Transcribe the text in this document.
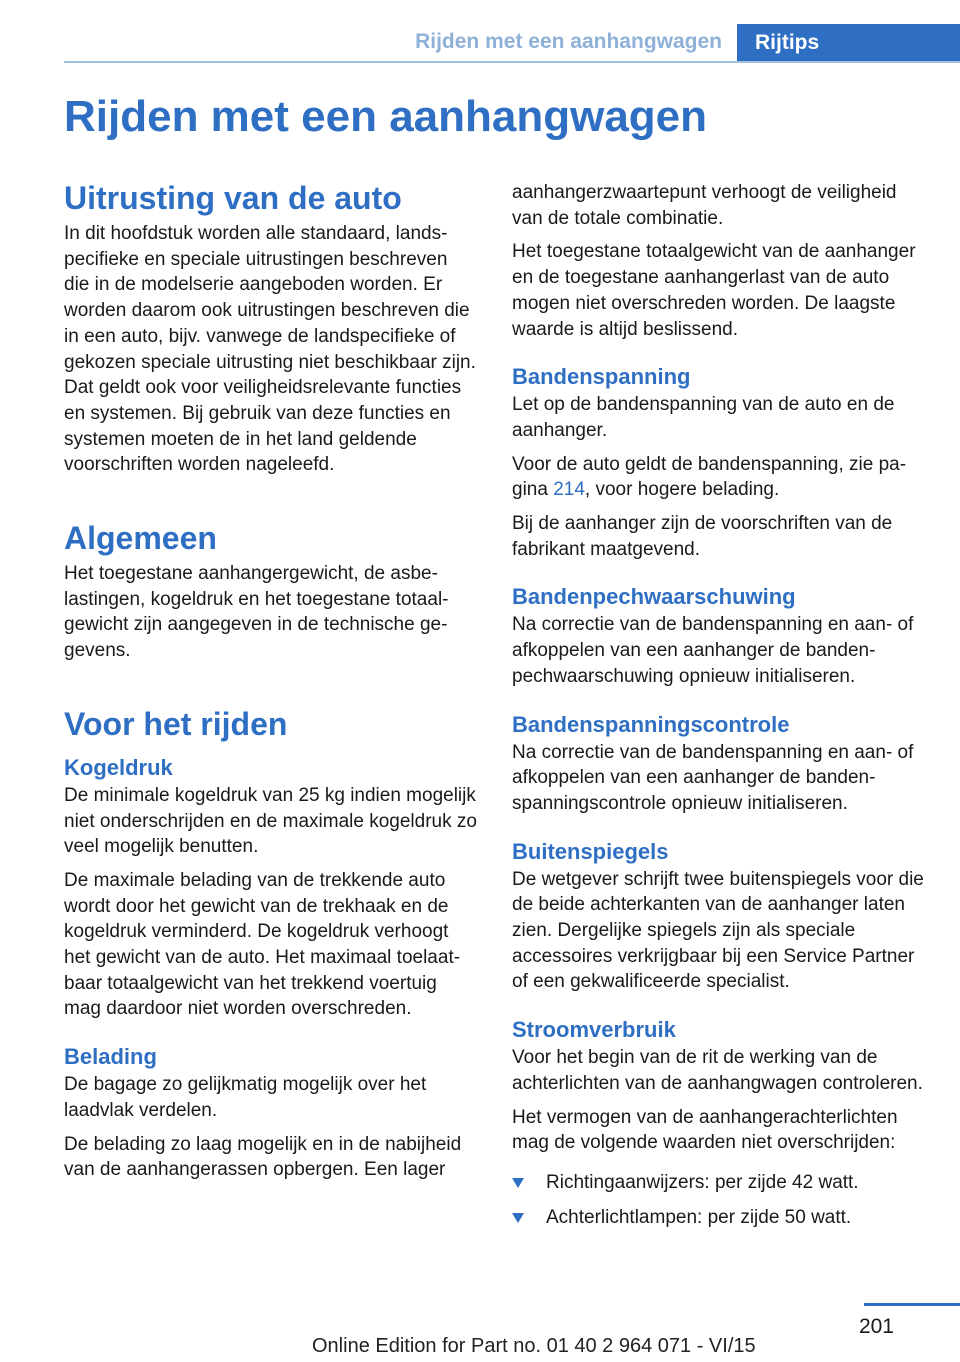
Rijden met een aanhangwagen	Rijtips
Rijden met een aanhangwagen
Uitrusting van de auto

In dit hoofdstuk worden alle standaard, landspecifieke en speciale uitrustingen beschreven die in de modelserie aangeboden worden. Er worden daarom ook uitrustingen beschreven die in een auto, bijv. vanwege de landspecifieke of gekozen speciale uitrusting niet beschikbaar zijn. Dat geldt ook voor veiligheidsrelevante functies en systemen. Bij gebruik van deze functies en systemen moeten de in het land geldende voorschriften worden nageleefd.

Algemeen

Het toegestane aanhangergewicht, de asbelastingen, kogeldruk en het toegestane totaalgewicht zijn aangegeven in de technische gegevens.

Voor het rijden
Kogeldruk

De minimale kogeldruk van 25 kg indien mogelijk niet onderschrijden en de maximale kogeldruk zo veel mogelijk benutten.

De maximale belading van de trekkende auto wordt door het gewicht van de trekhaak en de kogeldruk verminderd. De kogeldruk verhoogt het gewicht van de auto. Het maximaal toelaatbaar totaalgewicht van het trekkend voertuig mag daardoor niet worden overschreden.

Belading

De bagage zo gelijkmatig mogelijk over het laadvlak verdelen.

De belading zo laag mogelijk en in de nabijheid van de aanhangerassen opbergen. Een lager

aanhangerzwaartepunt verhoogt de veiligheid van de totale combinatie.

Het toegestane totaalgewicht van de aanhanger en de toegestane aanhangerlast van de auto mogen niet overschreden worden. De laagste waarde is altijd beslissend.

Bandenspanning

Let op de bandenspanning van de auto en de aanhanger.

Voor de auto geldt de bandenspanning, zie pagina 214, voor hogere belading.

Bij de aanhanger zijn de voorschriften van de fabrikant maatgevend.

Bandenpechwaarschuwing

Na correctie van de bandenspanning en aan- of afkoppelen van een aanhanger de bandenpechwaarschuwing opnieuw initialiseren.

Bandenspanningscontrole

Na correctie van de bandenspanning en aan- of afkoppelen van een aanhanger de bandenspanningscontrole opnieuw initialiseren.

Buitenspiegels

De wetgever schrijft twee buitenspiegels voor die de beide achterkanten van de aanhanger laten zien. Dergelijke spiegels zijn als speciale accessoires verkrijgbaar bij een Service Partner of een gekwalificeerde specialist.

Stroomverbruik

Voor het begin van de rit de werking van de achterlichten van de aanhangwagen controleren.

Het vermogen van de aanhangerachterlichten mag de volgende waarden niet overschrijden:

Richtingaanwijzers: per zijde 42 watt.
Achterlichtlampen: per zijde 50 watt.
201
Online Edition for Part no. 01 40 2 964 071 - VI/15
